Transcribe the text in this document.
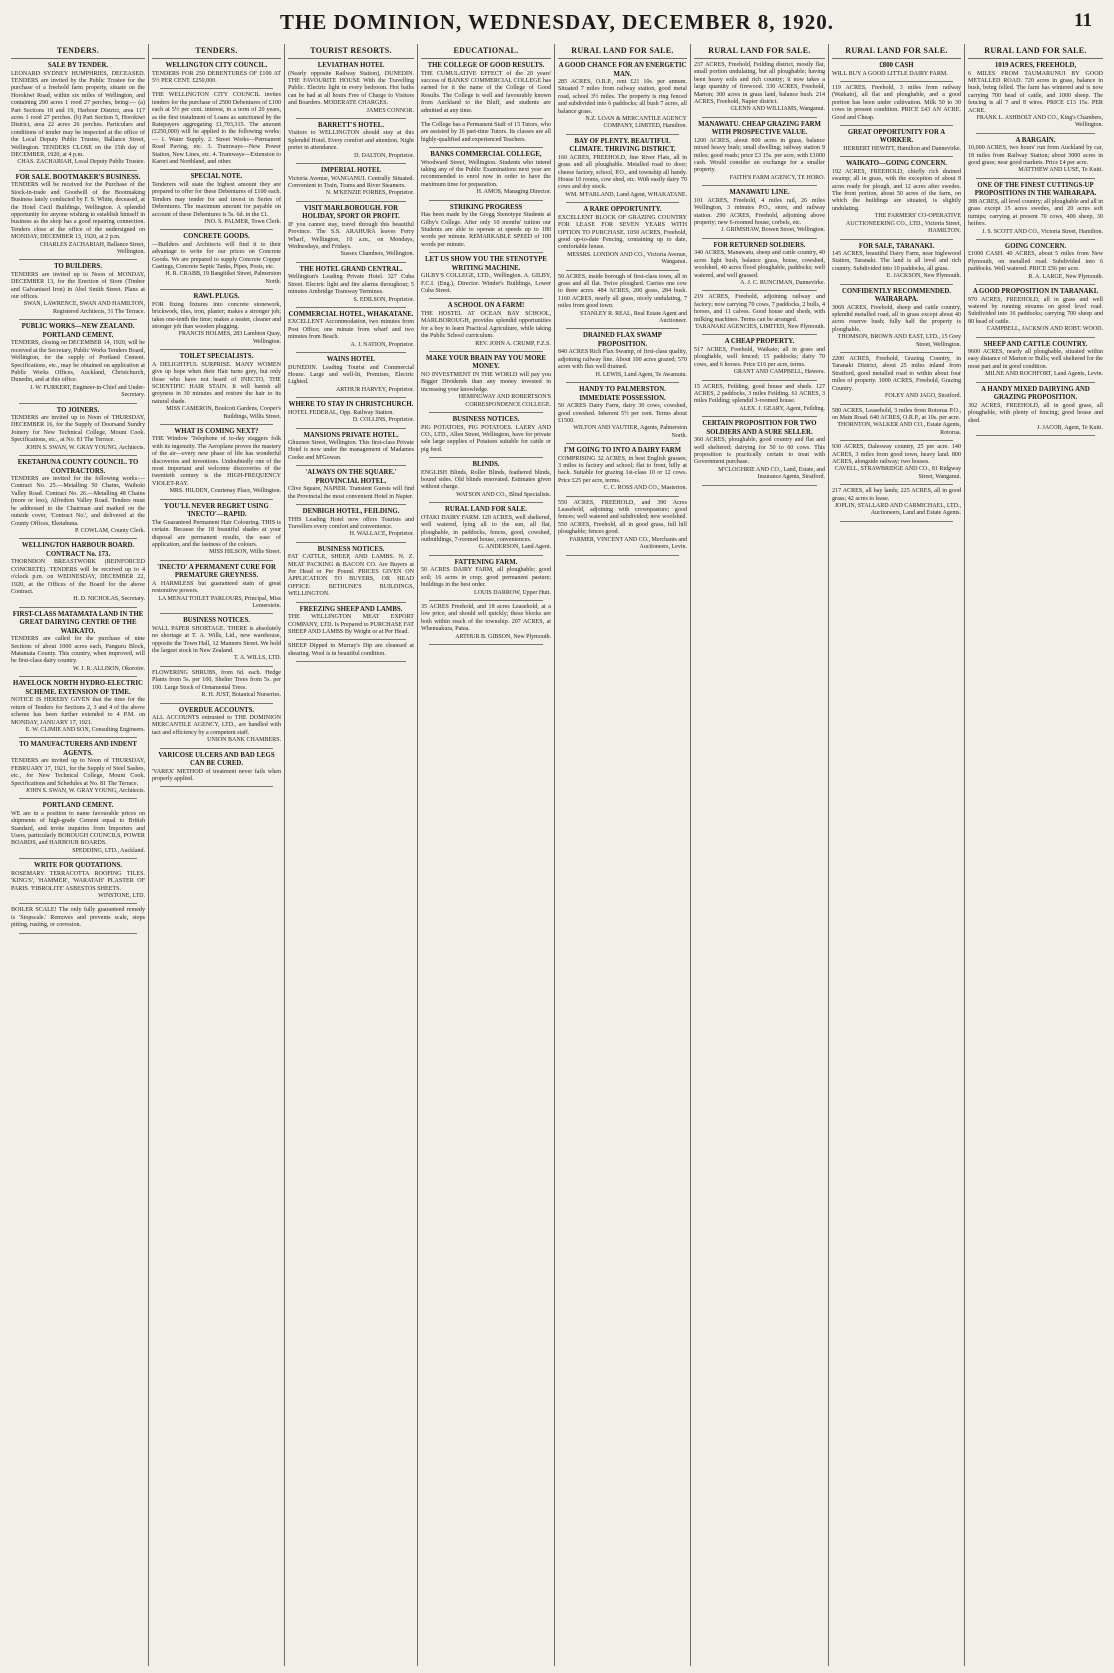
THE DOMINION, WEDNESDAY, DECEMBER 8, 1920.	11
TENDERS.
SALE BY TENDER.
LEONARD SYDNEY HUMPHRIES, DECEASED. TENDERS are invited by the Public Trustee for the purchase of a freehold farm property, situate on the Horokiwi Road, within six miles of Wellington, and containing 290 acres 1 rood 27 perches, being:— (a) Part Sections 18 and 19, Harbour District, area 117 acres 1 rood 27 perches. (b) Part Section 5, Horokiwi District, area 22 acres 26 perches. Particulars and conditions of tender may be inspected at the office of the Local Deputy Public Trustee, Ballance Street, Wellington. TENDERS CLOSE on the 15th day of DECEMBER, 1920, at 4 p.m.
CHAS. ZACHARIAH, Local Deputy Public Trustee.
FOR SALE. BOOTMAKER'S BUSINESS.
TENDERS will be received for the Purchase of the Stock-in-trade and Goodwill of the Bootmaking Business lately conducted by F. S. White, deceased, at the Hotel Cecil Buildings, Wellington. A splendid opportunity for anyone wishing to establish himself in business as the shop has a good repairing connection. Tenders close at the office of the undersigned on MONDAY, DECEMBER 13, 1920, at 2 p.m.
CHARLES ZACHARIAH, Ballance Street, Wellington.
TO BUILDERS.
TENDERS are invited up to Noon of MONDAY, DECEMBER 13, for the Erection of Store (Timber and Galvanised Iron) in Abel Smith Street. Plans at our offices.
SWAN, LAWRENCE, SWAN AND HAMILTON, Registered Architects, 31 The Terrace.
PUBLIC WORKS—NEW ZEALAND. PORTLAND CEMENT.
TENDERS, closing on DECEMBER 14, 1920, will be received at the Secretary, Public Works Tenders Board, Wellington, for the supply of Portland Cement. Specifications, etc., may be obtained on application at Public Works Offices, Auckland, Christchurch, Dunedin, and at this office.
J. W. FURKERT, Engineer-in-Chief and Under-Secretary.
TO JOINERS.
TENDERS are invited up to Noon of THURSDAY, DECEMBER 16, for the Supply of Doorsand Sundry Joinery for New Technical College, Mount Cook. Specifications, etc., at No. 81 The Terrace.
JOHN S. SWAN, W. GRAY YOUNG, Architects.
EKETAHUNA COUNTY COUNCIL. TO CONTRACTORS.
TENDERS are invited for the following works:— Contract No. 25.—Metalling 50 Chains, Waihoki Valley Road. Contract No. 26.—Metalling 48 Chains (more or less), Alfredton Valley Road. Tenders must be addressed to the Chairman and marked on the outside cover, 'Contract No.', and delivered at the County Offices, Eketahuna.
P. COWLAM, County Clerk.
WELLINGTON HARBOUR BOARD. CONTRACT No. 173.
THORNDON BREASTWORK (REINFORCED CONCRETE). TENDERS will be received up to 4 o'clock p.m. on WEDNESDAY, DECEMBER 22, 1920, at the Offices of the Board for the above Contract.
H. D. NICHOLAS, Secretary.
FIRST-CLASS MATAMATA LAND IN THE GREAT DAIRYING CENTRE OF THE WAIKATO.
TENDERS are called for the purchase of nine Sections of about 1000 acres each, Panguru Block, Matamata County. This country, when improved, will be first-class dairy country.
W. J. R. ALLISON, Okoroire.
HAVELOCK NORTH HYDRO-ELECTRIC SCHEME. EXTENSION OF TIME.
NOTICE IS HEREBY GIVEN that the time for the return of Tenders for Sections 2, 3 and 4 of the above scheme has been further extended to 4 P.M. on MONDAY, JANUARY 17, 1921.
E. W. CLIMIE AND SON, Consulting Engineers.
TO MANUFACTURERS AND INDENT AGENTS.
TENDERS are invited up to Noon of THURSDAY, FEBRUARY 17, 1921, for the Supply of Steel Sashes, etc., for New Technical College, Mount Cook. Specifications and Schedules at No. 81 The Terrace.
JOHN S. SWAN, W. GRAY YOUNG, Architects.
PORTLAND CEMENT.
WE are in a position to name favourable prices on shipments of high-grade Cement equal to British Standard, and invite inquiries from Importers and Users, particularly BOROUGH COUNCILS, POWER BOARDS, and HARBOUR BOARDS.
SPEDDING, LTD., Auckland.
WRITE FOR QUOTATIONS.
ROSEMARY TERRACOTTA ROOFING TILES. 'KING'S', 'HAMMER', 'WARATAH' PLASTER OF PARIS. 'FIBROLITE' ASBESTOS SHEETS.
WINSTONE, LTD.
BOILER SCALE! The only fully guaranteed remedy is 'Stopscale.' Removes and prevents scale, stops pitting, rusting, or corrosion.
TENDERS.
WELLINGTON CITY COUNCIL.
TENDERS FOR 250 DEBENTURES OF £100 AT 5½ PER CENT. £250,000.
THE WELLINGTON CITY COUNCIL invites tenders for the purchase of 2500 Debentures of £100 each at 5½ per cent. interest, in a term of 20 years, as the first instalment of Loans as sanctioned by the Ratepayers aggregating £1,703,315. The amount (£250,000) will be applied to the following works:— 1. Water Supply. 2. Street Works—Permanent Road Paving, etc. 3. Tramways—New Power Station, New Lines, etc. 4. Tramways—Extension to Karori and Northland, and other.
SPECIAL NOTE.
Tenderers will state the highest amount they are prepared to offer for these Debentures of £100 each. Tenders may tender for and invest in Series of Debentures. The maximum amount for payable on account of these Debentures is 5s. 6d. in the £1.
JNO. S. PALMER, Town Clerk.
CONCRETE GOODS.
—Builders and Architects will find it to their advantage to write for our prices on Concrete Goods. We are prepared to supply Concrete Copper Castings, Concrete Septic Tanks, Pipes, Posts, etc.
H. R. CRABB, 19 Bangitikei Street, Palmerston North.
RAWL PLUGS.
FOR fixing fixtures into concrete stonework, brickwork, tiles, iron, plaster; makes a stronger job; takes one-tenth the time; makes a neater, cleaner and stronger job than wooden plugging.
FRANCIS HOLMES, 283 Lambton Quay, Wellington.
TOILET SPECIALISTS.
A DELIGHTFUL SURPRISE. MANY WOMEN give up hope when their Hair turns grey, but only those who have not heard of INECTO, THE SCIENTIFIC HAIR STAIN. It will banish all greyness in 30 minutes and restore the hair to its natural shade.
MISS CAMERON, Boulcott Gardens, Cooper's Buildings, Willis Street.
WHAT IS COMING NEXT?
THE Window 'Telephone of to-day staggers folk with its ingenuity. The Aeroplane proves the mastery of the air—every new phase of life has wonderful discoveries and inventions. Undoubtedly one of the most important and welcome discoveries of the twentieth century is the HIGH-FREQUENCY VIOLET-RAY.
MRS. HILDEN, Courtenay Place, Wellington.
YOU'LL NEVER REGRET USING 'INECTO'—RAPID.
The Guaranteed Permanent Hair Colouring. THIS is certain. Because the 18 beautiful shades at your disposal are permanent results, the ease of application, and the fastness of the colours.
MISS HILSON, Willis Street.
'INECTO' A PERMANENT CURE FOR PREMATURE GREYNESS.
A HARMLESS but guaranteed stain of great restorative powers.
LA MENAI TOILET PARLOURS, Principal, Miss Lemerstein.
BUSINESS NOTICES.
WALL PAPER SHORTAGE. THERE is absolutely no shortage at T. A. Wills, Ltd., new warehouse, opposite the Town Hall, 12 Manners Street. We hold the largest stock in New Zealand.
T. A. WILLS, LTD.
FLOWERING SHRUBS, from 6d. each. Hedge Plants from 5s. per 100, Shelter Trees from 5s. per 100. Large Stock of Ornamental Trees.
R. H. JUST, Botanical Nurseries.
OVERDUE ACCOUNTS.
ALL ACCOUNTS entrusted to THE DOMINION MERCANTILE AGENCY, LTD., are handled with tact and efficiency by a competent staff.
UNION BANK CHAMBERS.
VARICOSE ULCERS AND BAD LEGS CAN BE CURED.
'VAREX' METHOD of treatment never fails when properly applied.
TOURIST RESORTS.
LEVIATHAN HOTEL
(Nearly opposite Railway Station), DUNEDIN. THE FAVOURITE HOUSE With the Travelling Public. Electric light in every bedroom. Hot baths can be had at all hours Free of Charge to Visitors and Boarders. MODERATE CHARGES.
JAMES CONNOR.
BARRETT'S HOTEL.
Visitors to WELLINGTON should stay at this Splendid Hotel. Every comfort and attention. Night porter in attendance.
D. DALTON, Proprietor.
IMPERIAL HOTEL
Victoria Avenue, WANGANUI. Centrally Situated. Convenient to Train, Trams and River Steamers.
N. M'KENZIE FORBES, Proprietor.
VISIT MARLBOROUGH. FOR HOLIDAY, SPORT OR PROFIT.
IF you cannot stay, travel through this beautiful Province. The S.S. ARAHURA leaves Ferry Wharf, Wellington, 10 a.m., on Mondays, Wednesdays, and Fridays.
Sussex Chambers, Wellington.
THE HOTEL GRAND CENTRAL.
Wellington's Leading Private Hotel. 327 Cuba Street. Electric light and fire alarms throughout; 5 minutes Ambridge Tramway Terminus.
S. EDILSON, Proprietor.
COMMERCIAL HOTEL, WHAKATANE.
EXCELLENT Accommodation, two minutes from Post Office; one minute from wharf and two minutes from Beach.
A. J. NATION, Proprietor.
WAINS HOTEL
DUNEDIN. Leading Tourist and Commercial House. Large and well-lit, Premises, Electric Lighted.
ARTHUR HARVEY, Proprietor.
WHERE TO STAY IN CHRISTCHURCH.
HOTEL FEDERAL, Opp. Railway Station.
D. COLLINS, Proprietor.
MANSIONS PRIVATE HOTEL.
Ghuznee Street, Wellington. This first-class Private Hotel is now under the management of Madames Cooke and M'Gowan.
'ALWAYS ON THE SQUARE.' PROVINCIAL HOTEL.
Clive Square, NAPIER. Transient Guests will find the Provincial the most convenient Hotel in Napier.
DENBIGH HOTEL, FEILDING.
THIS Leading Hotel now offers Tourists and Travellers every comfort and convenience.
H. WALLACE, Proprietor.
BUSINESS NOTICES.
FAT CATTLE, SHEEP, AND LAMBS. N. Z. MEAT PACKING & BACON CO. Are Buyers at Per Head or Per Pound. PRICES GIVEN ON APPLICATION TO BUYERS, OR HEAD OFFICE: BETHUNE'S BUILDINGS, WELLINGTON.
FREEZING SHEEP AND LAMBS.
THE WELLINGTON MEAT EXPORT COMPANY, LTD. Is Prepared to PURCHASE FAT SHEEP AND LAMBS By Weight or at Per Head.
SHEEP Dipped in Murray's Dip are cleansed at shearing. Wool is in beautiful condition.
EDUCATIONAL.
THE COLLEGE OF GOOD RESULTS.
THE CUMULATIVE EFFECT of the 20 years' success of BANKS' COMMERCIAL COLLEGE has earned for it the name of the College of Good Results. The College is well and favourably known from Auckland to the Bluff, and students are admitted at any time.
The College has a Permanent Staff of 15 Tutors, who are assisted by 16 part-time Tutors. Its classes are all highly-qualified and experienced Teachers.
BANKS COMMERCIAL COLLEGE,
Woodward Street, Wellington. Students who intend taking any of the Public Examinations next year are recommended to enrol now in order to have the maximum time for preparation.
H. AMOS, Managing Director.
STRIKING PROGRESS
Has been made by the Gregg Stenotype Students at Gilby's College. After only 10 months' tuition our Students are able to operate at speeds up to 180 words per minute. REMARKABLE SPEED of 100 words per minute.
LET US SHOW YOU THE STENOTYPE WRITING MACHINE.
GILBY'S COLLEGE, LTD., Wellington. A. GILBY, F.C.I. (Eng.), Director. Winder's Buildings, Lower Cuba Street.
A SCHOOL ON A FARM!
THE HOSTEL AT OCEAN BAY SCHOOL, MARLBOROUGH, provides splendid opportunities for a boy to learn Practical Agriculture, while taking the Public School curriculum.
REV. JOHN A. CRUMP, F.Z.S.
MAKE YOUR BRAIN PAY YOU MORE MONEY.
NO INVESTMENT IN THE WORLD will pay you Bigger Dividends than any money invested in increasing your knowledge.
HEMINGWAY AND ROBERTSON'S CORRESPONDENCE COLLEGE.
BUSINESS NOTICES.
PIG POTATOES, PIG POTATOES. LAERY AND CO., LTD., Allen Street, Wellington, have for private sale large supplies of Potatoes suitable for cattle or pig feed.
BLINDS.
ENGLISH Blinds, Roller Blinds, feathered blinds, bound sides. Old blinds renovated. Estimates given without charge.
WATSON AND CO., Blind Specialists.
RURAL LAND FOR SALE.
OTAKI DAIRY FARM. 120 ACRES, well sheltered, well watered, lying all to the sun, all flat, ploughable, in paddocks, fences, good, cowshed, outbuildings, 7-roomed house, conveniences.
G. ANDERSON, Land Agent.
FATTENING FARM.
50 ACRES DAIRY FARM, all ploughable; good soil; 16 acres in crop; good permanent pasture; buildings in the best order.
LOUIS DARROW, Upper Hutt.
35 ACRES Freehold, and 18 acres Leasehold, at a low price, and should sell quickly; these blocks are both within reach of the township. 207 ACRES, at Whenuakura, Patea.
ARTHUR B. GIBSON, New Plymouth.
RURAL LAND FOR SALE.
A GOOD CHANCE FOR AN ENERGETIC MAN.
285 ACRES, O.R.P., rent £21 10s. per annum. Situated 7 miles from railway station, good metal road, school 3½ miles. The property is ring fenced and subdivided into 6 paddocks; all bush 7 acres, all balance grass.
N.Z. LOAN & MERCANTILE AGENCY COMPANY, LIMITED, Hamilton.
BAY OF PLENTY. BEAUTIFUL CLIMATE. THRIVING DISTRICT.
160 ACRES, FREEHOLD, fine River Flats, all in grass and all ploughable. Metalled road to door; cheese factory, school, P.O., and township all handy. House 10 rooms, cow shed, etc. With easily dairy 70 cows and dry stock.
WM. M'FARLAND, Land Agent, WHAKATANE.
A RARE OPPORTUNITY.
EXCELLENT BLOCK OF GRAZING COUNTRY FOR LEASE FOR SEVEN YEARS WITH OPTION TO PURCHASE. 1050 ACRES, Freehold, good up-to-date Fencing, containing up to date, comfortable house.
MESSRS. LONDON AND CO., Victoria Avenue, Wanganui.
50 ACRES, inside borough of first-class town, all in grass and all flat. Twice ploughed. Carries one cow to three acres. 484 ACRES, 200 grass, 284 bush. 1160 ACRES, nearly all grass, nicely undulating, 7 miles from good town.
STANLEY R. REAL, Real Estate Agent and Auctioneer.
DRAINED FLAX SWAMP PROPOSITION.
840 ACRES Rich Flax Swamp, of first-class quality, adjoining railway line. About 100 acres grazed; 570 acres with flax well drained.
H. LEWIS, Land Agent, Te Awamutu.
HANDY TO PALMERSTON. IMMEDIATE POSSESSION.
50 ACRES Dairy Farm, dairy 30 cows, cowshed, good cowshed. Inherent 5½ per cent. Terms about £1500.
WILTON AND VAUTIER, Agents, Palmerston North.
I'M GOING TO INTO A DAIRY FARM
COMPRISING 32 ACRES, in best English grasses; 3 miles to factory and school; flat to front, hilly at back. Suitable for grazing 1st-class 10 or 12 cows. Price £25 per acre, terms.
C. C. ROSS AND CO., Masterton.
550 ACRES, FREEHOLD, and 390 Acres Leasehold, adjoining with crownpasture; good fences; well watered and subdivided; new woolshed. 550 ACRES, Freehold, all in good grass, full hill ploughable; fences good.
FARMER, VINCENT AND CO., Merchants and Auctioneers, Levin.
RURAL LAND FOR SALE.
237 ACRES, Freehold, Feilding district, mostly flat, small portion undulating, but all ploughable; having been heavy soils and rich country; it now takes a large quantity of firewood. 330 ACRES, Freehold, Marton; 300 acres in grass land, balance bush. 214 ACRES, Freehold, Napier district.
GLENN AND WILLIAMS, Wanganui.
MANAWATU. CHEAP GRAZING FARM WITH PROSPECTIVE VALUE.
1200 ACRES, about 800 acres in grass, balance mixed heavy bush; small dwelling; railway station 9 miles; good roads; price £3 15s. per acre, with £1000 cash. Would consider an exchange for a smaller property.
FAITH'S FARM AGENCY, TE HORO.
MANAWATU LINE.
101 ACRES, Freehold, 4 miles rail, 26 miles Wellington, 3 minutes P.O., store, and railway station. 290 ACRES, Freehold, adjoining above property; new 6-roomed house, corbels, etc.
J. GRIMSHAW, Bowen Street, Wellington.
FOR RETURNED SOLDIERS.
340 ACRES, Manawatu, sheep and cattle country, 40 acres light bush, balance grass, house, cowshed, woolshed, 40 acres flood ploughable, paddocks; well watered, and well grassed.
A. J. C. RUNCIMAN, Dannevirke.
219 ACRES, Freehold, adjoining railway and factory; now carrying 70 cows, 7 paddocks, 2 bulls, 4 horses, and 11 calves. Good house and sheds, with milking machines. Terms can be arranged.
TARANAKI AGENCIES, LIMITED, New Plymouth.
A CHEAP PROPERTY.
517 ACRES, Freehold, Waikato; all in grass and ploughable, well fenced; 15 paddocks; dairy 70 cows, and 6 horses. Price £16 per acre, terms.
GRANT AND CAMPBELL, Hawera.
15 ACRES, Feilding, good house and sheds. 127 ACRES, 2 paddocks, 3 miles Feilding. 61 ACRES, 3 miles Feilding; splendid 3-roomed house.
ALEX. J. GEARY, Agent, Feilding.
CERTAIN PROPOSITION FOR TWO SOLDIERS AND A SURE SELLER.
360 ACRES, ploughable, good country and flat and well sheltered; dairying for 50 to 60 cows. This proposition is practically certain to treat with Government purchase.
M'CLOGHRIE AND CO., Land, Estate, and Insurance Agents, Stratford.
RURAL LAND FOR SALE.
£800 CASH
WILL BUY A GOOD LITTLE DAIRY FARM.
119 ACRES, Freehold, 3 miles from railway (Waikato), all flat and ploughable, and a good portion has been under cultivation. Milk 50 to 30 cows in present condition. PRICE £43 AN ACRE. Good and Cheap.
GREAT OPPORTUNITY FOR A WORKER.
HERBERT HEWITT, Hamilton and Dannevirke.
WAIKATO—GOING CONCERN.
192 ACRES, FREEHOLD, chiefly rich drained swamp; all in grass, with the exception of about 8 acres ready for plough, and 12 acres after swedes. The front portion, about 50 acres of the farm, on which the buildings are situated, is slightly undulating.
THE FARMERS' CO-OPERATIVE AUCTIONEERING CO., LTD., Victoria Street, HAMILTON.
FOR SALE, TARANAKI.
145 ACRES, beautiful Dairy Farm, near Inglewood Station, Taranaki. The land is all level and rich country. Subdivided into 10 paddocks, all grass.
E. JACKSON, New Plymouth.
CONFIDENTLY RECOMMENDED. WAIRARAPA.
3069 ACRES, Freehold, sheep and cattle country, splendid metalled road, all in grass except about 40 acres reserve bush; fully half the property is ploughable.
THOMSON, BROWN AND EAST, LTD., 15 Grey Street, Wellington.
2200 ACRES, Freehold, Grazing Country, in Taranaki District, about 25 miles inland from Stratford, good metalled road to within about four miles of property. 1000 ACRES, Freehold, Grazing Country.
FOLEY AND JAGO, Stratford.
580 ACRES, Leasehold, 3 miles from Rotorua P.O., on Main Road. 640 ACRES, O.R.P., at 10s. per acre.
THORNTON, WALKER AND CO., Estate Agents, Rotorua.
930 ACRES, Dalesway country, 25 per acre. 140 ACRES, 3 miles from good town, heavy land. 800 ACRES, alongside railway; two houses.
CAVELL, STRAWBRIDGE AND CO., 81 Ridgway Street, Wanganui.
217 ACRES, all hay lands; 225 ACRES, all in good grass; 42 acres to lease.
JOPLIN, STALLARD AND CARMICHAEL, LTD., Auctioneers, Land and Estate Agents.
RURAL LAND FOR SALE.
1019 ACRES, FREEHOLD,
6 MILES FROM TAUMARUNUI BY GOOD METALLED ROAD. 720 acres in grass, balance in bush, being felled. The farm has wintered and is now carrying 700 head of cattle, and 1000 sheep. The fencing is all 7 and 8 wires. PRICE £13 15s. PER ACRE.
FRANK L. ASHBOLT AND CO., King's Chambers, Wellington.
A BARGAIN.
10,000 ACRES, two hours' run from Auckland by car, 18 miles from Railway Station; about 3000 acres in good grass; near good markets. Price £4 per acre.
MATTHEW AND LUSE, Te Kuiti.
ONE OF THE FINEST CUTTINGS-UP PROPOSITIONS IN THE WAIRARAPA.
388 ACRES, all level country; all ploughable and all in grass except 15 acres swedes, and 20 acres soft turnips; carrying at present 70 cows, 400 sheep, 30 heifers.
J. S. SCOTT AND CO., Victoria Street, Hamilton.
GOING CONCERN.
£1000 CASH. 40 ACRES, about 5 miles from New Plymouth, on metalled road. Subdivided into 6 paddocks. Well watered. PRICE £56 per acre.
R. A. LARGE, New Plymouth.
A GOOD PROPOSITION IN TARANAKI.
970 ACRES, FREEHOLD, all in grass and well watered by running streams on good level road. Subdivided into 16 paddocks; carrying 700 sheep and 80 head of cattle.
CAMPBELL, JACKSON AND ROBT. WOOD.
SHEEP AND CATTLE COUNTRY.
9600 ACRES, nearly all ploughable, situated within easy distance of Marton or Bulls; well sheltered for the most part and in good condition.
MILNE AND ROCHFORT, Land Agents, Levin.
A HANDY MIXED DAIRYING AND GRAZING PROPOSITION.
302 ACRES, FREEHOLD, all in good grass, all ploughable, with plenty of fencing; good house and shed.
J. JACOB, Agent, Te Kuiti.
